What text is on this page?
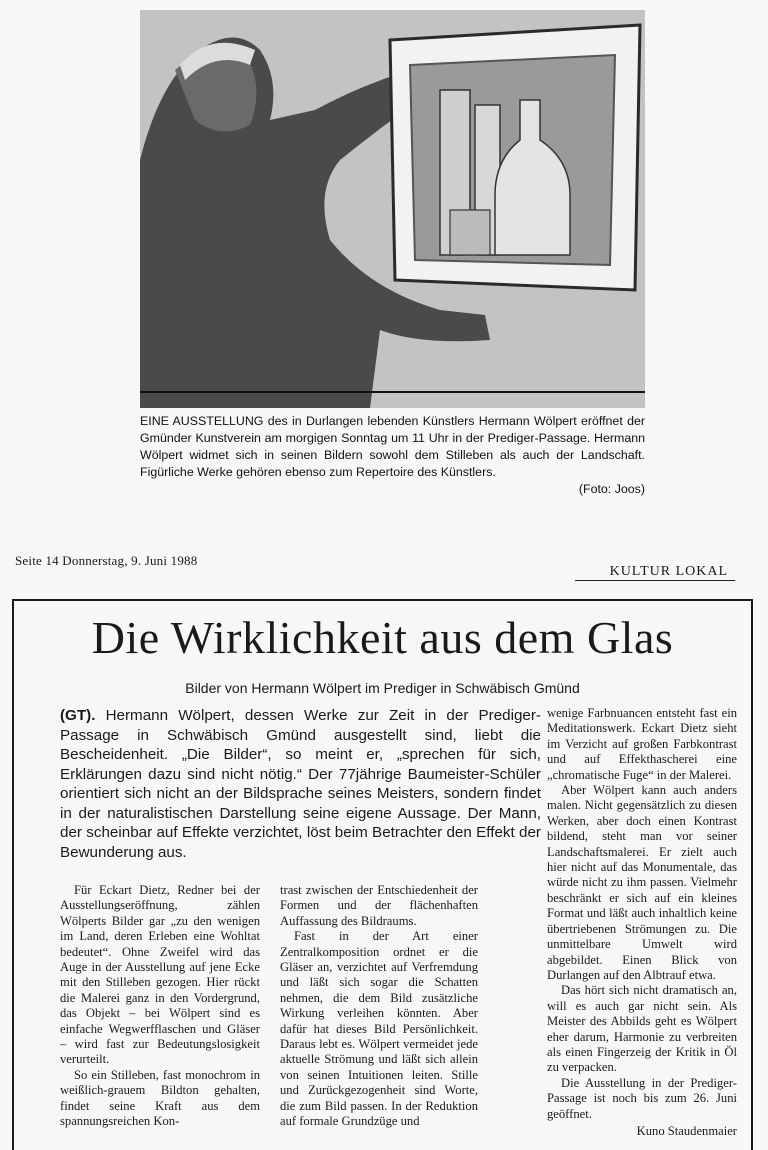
EINE AUSSTELLUNG des in Durlangen lebenden Künstlers Hermann Wölpert eröffnet der Gmünder Kunstverein am morgigen Sonntag um 11 Uhr in der Prediger-Passage. Hermann Wölpert widmet sich in seinen Bildern sowohl dem Stilleben als auch der Landschaft. Figürliche Werke gehören ebenso zum Repertoire des Künstlers.
(Foto: Joos)
Seite 14 Donnerstag, 9. Juni 1988
KULTUR LOKAL
Die Wirklichkeit aus dem Glas
Bilder von Hermann Wölpert im Prediger in Schwäbisch Gmünd
(GT). Hermann Wölpert, dessen Werke zur Zeit in der Prediger-Passage in Schwäbisch Gmünd ausgestellt sind, liebt die Bescheidenheit. „Die Bilder“, so meint er, „sprechen für sich, Erklärungen dazu sind nicht nötig.“ Der 77jährige Baumeister-Schüler orientiert sich nicht an der Bildsprache seines Meisters, sondern findet in der naturalistischen Darstellung seine eigene Aussage. Der Mann, der scheinbar auf Effekte verzichtet, löst beim Betrachter den Effekt der Bewunderung aus.

Für Eckart Dietz, Redner bei der Ausstellungseröffnung, zählen Wölperts Bilder gar „zu den wenigen im Land, deren Erleben eine Wohltat bedeutet“. Ohne Zweifel wird das Auge in der Ausstellung auf jene Ecke mit den Stilleben gezogen. Hier rückt die Malerei ganz in den Vordergrund, das Objekt – bei Wölpert sind es einfache Wegwerfflaschen und Gläser – wird fast zur Bedeutungslosigkeit verurteilt.

So ein Stilleben, fast monochrom in weißlich-grauem Bildton gehalten, findet seine Kraft aus dem spannungsreichen Kon-

trast zwischen der Entschiedenheit der Formen und der flächenhaften Auffassung des Bildraums.

Fast in der Art einer Zentralkomposition ordnet er die Gläser an, verzichtet auf Verfremdung und läßt sich sogar die Schatten nehmen, die dem Bild zusätzliche Wirkung verleihen könnten. Aber dafür hat dieses Bild Persönlichkeit. Daraus lebt es. Wölpert vermeidet jede aktuelle Strömung und läßt sich allein von seinen Intuitionen leiten. Stille und Zurückgezogenheit sind Worte, die zum Bild passen. In der Reduktion auf formale Grundzüge und

wenige Farbnuancen entsteht fast ein Meditationswerk. Eckart Dietz sieht im Verzicht auf großen Farbkontrast und auf Effekthascherei eine „chromatische Fuge“ in der Malerei.

Aber Wölpert kann auch anders malen. Nicht gegensätzlich zu diesen Werken, aber doch einen Kontrast bildend, steht man vor seiner Landschaftsmalerei. Er zielt auch hier nicht auf das Monumentale, das würde nicht zu ihm passen. Vielmehr beschränkt er sich auf ein kleines Format und läßt auch inhaltlich keine übertriebenen Strömungen zu. Die unmittelbare Umwelt wird abgebildet. Einen Blick von Durlangen auf den Albtrauf etwa.

Das hört sich nicht dramatisch an, will es auch gar nicht sein. Als Meister des Abbilds geht es Wölpert eher darum, Harmonie zu verbreiten als einen Fingerzeig der Kritik in Öl zu verpacken.

Die Ausstellung in der Prediger-Passage ist noch bis zum 26. Juni geöffnet.

Kuno Staudenmaier
